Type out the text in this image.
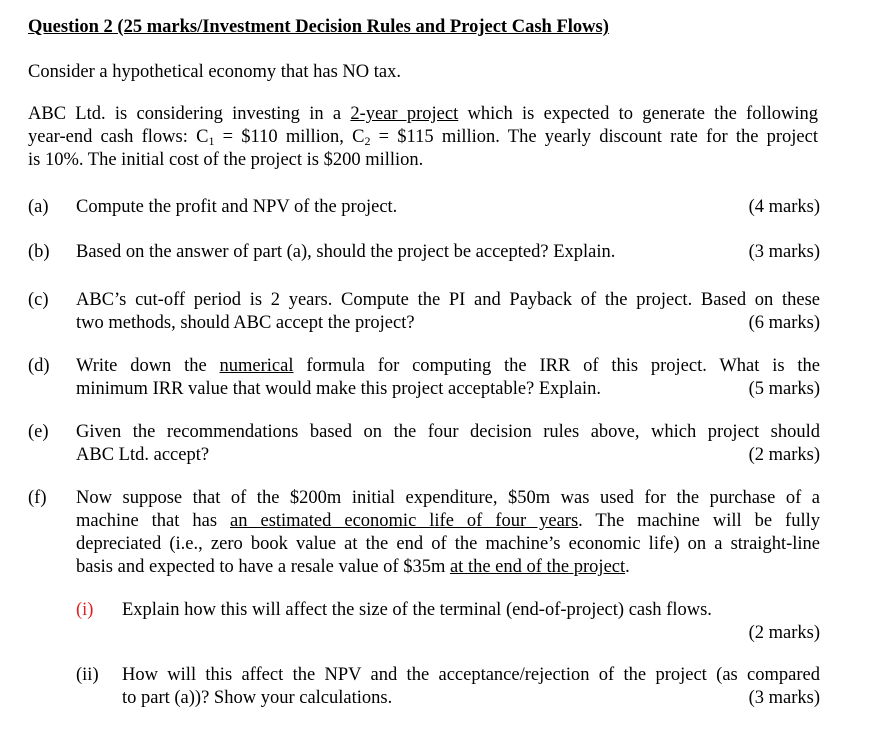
Question 2 (25 marks/Investment Decision Rules and Project Cash Flows)
Consider a hypothetical economy that has NO tax.
ABC Ltd. is considering investing in a 2-year project which is expected to generate the following
year-end cash flows: $C_1$ = $110 million, $C_2$ = $115 million. The yearly discount rate for the project
is 10%. The initial cost of the project is $200 million.
(a) Compute the profit and NPV of the project.	(4 marks)
(b) Based on the answer of part (a), should the project be accepted? Explain.	(3 marks)
(c) ABC’s cut-off period is 2 years. Compute the PI and Payback of the project. Based on these
two methods, should ABC accept the project?	(6 marks)
(d) Write down the numerical formula for computing the IRR of this project. What is the
minimum IRR value that would make this project acceptable? Explain.	(5 marks)
(e) Given the recommendations based on the four decision rules above, which project should
ABC Ltd. accept?	(2 marks)
(f) Now suppose that of the $200m initial expenditure, $50m was used for the purchase of a
machine that has an estimated economic life of four years. The machine will be fully
depreciated (i.e., zero book value at the end of the machine’s economic life) on a straight-line
basis and expected to have a resale value of $35m at the end of the project.
(i) Explain how this will affect the size of the terminal (end-of-project) cash flows.
(2 marks)
(ii) How will this affect the NPV and the acceptance/rejection of the project (as compared
to part (a))? Show your calculations.	(3 marks)
